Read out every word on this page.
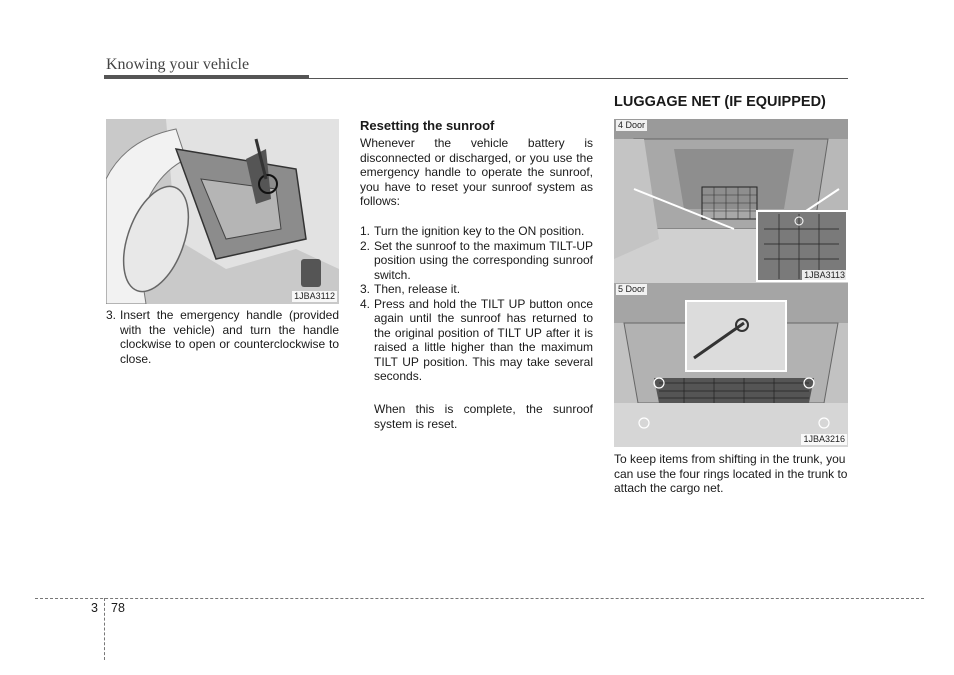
Knowing your vehicle
1JBA3112
3. Insert the emergency handle (provided with the vehicle) and turn the handle clockwise to open or counterclockwise to close.
Resetting the sunroof
Whenever the vehicle battery is disconnected or discharged, or you use the emergency handle to operate the sunroof, you have to reset your sunroof system as follows:
1. Turn the ignition key to the ON position.
2. Set the sunroof to the maximum TILT-UP position using the corresponding sunroof switch.
3. Then, release it.
4. Press and hold the TILT UP button once again until the sunroof has returned to the original position of TILT UP after it is raised a little higher than the maximum TILT UP position. This may take several seconds.
When this is complete, the sunroof system is reset.
LUGGAGE NET (IF EQUIPPED)
4 Door
1JBA3113
5 Door
1JBA3216
To keep items from shifting in the trunk, you can use the four rings located in the trunk to attach the cargo net.
3 78
